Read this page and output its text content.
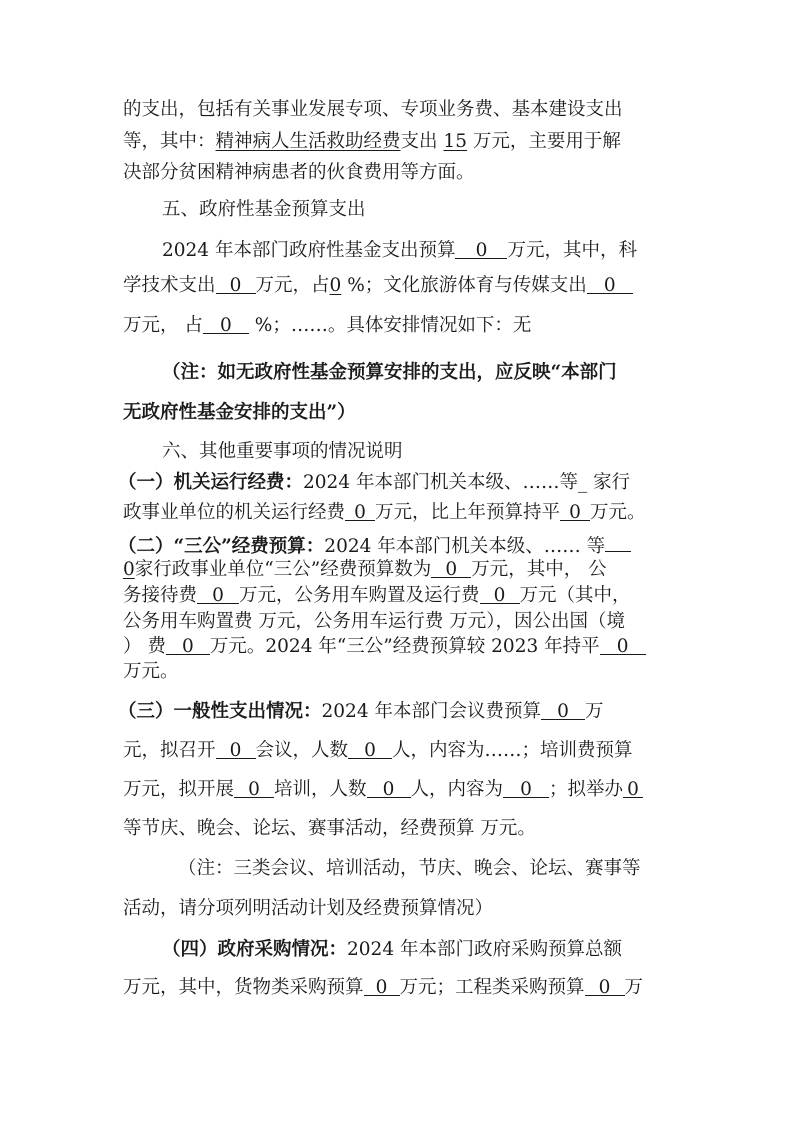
的支出，包括有关事业发展专项、专项业务费、基本建设支出
等，其中：精神病人生活救助经费支出 15 万元，主要用于解
决部分贫困精神病患者的伙食费用等方面。
五、政府性基金预算支出
2024 年本部门政府性基金支出预算 0 万元，其中，科
学技术支出 0 万元，占0 %；文化旅游体育与传媒支出 0
万元， 占 0 %；……。具体安排情况如下：无
（注：如无政府性基金预算安排的支出，应反映“本部门
无政府性基金安排的支出”）
六、其他重要事项的情况说明
（一）机关运行经费：2024 年本部门机关本级、……等_ 家行
政事业单位的机关运行经费 0 万元，比上年预算持平 0 万元。
（二）“三公”经费预算：2024 年本部门机关本级、…… 等
0家行政事业单位“三公”经费预算数为 0 万元，其中， 公
务接待费 0 万元，公务用车购置及运行费 0 万元（其中，
公务用车购置费 万元，公务用车运行费 万元），因公出国（境
） 费 0 万元。2024 年“三公”经费预算较 2023 年持平 0
万元。
（三）一般性支出情况：2024 年本部门会议费预算 0 万
元，拟召开 0 会议，人数 0 人，内容为……；培训费预算
万元，拟开展 0 培训，人数 0 人，内容为 0 ；拟举办 0
等节庆、晚会、论坛、赛事活动，经费预算 万元。
（注：三类会议、培训活动，节庆、晚会、论坛、赛事等
活动，请分项列明活动计划及经费预算情况）
（四）政府采购情况：2024 年本部门政府采购预算总额
万元，其中，货物类采购预算 0 万元；工程类采购预算 0 万
